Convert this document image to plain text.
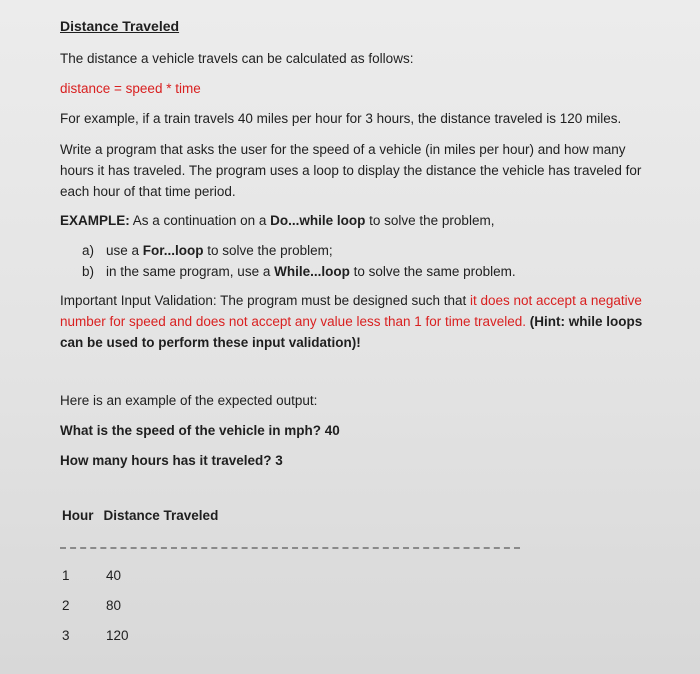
Distance Traveled
The distance a vehicle travels can be calculated as follows:
distance = speed * time
For example, if a train travels 40 miles per hour for 3 hours, the distance traveled is 120 miles.
Write a program that asks the user for the speed of a vehicle (in miles per hour) and how many hours it has traveled. The program uses a loop to display the distance the vehicle has traveled for each hour of that time period.
EXAMPLE: As a continuation on a Do...while loop to solve the problem,
a) use a For...loop to solve the problem;
b) in the same program, use a While...loop to solve the same problem.
Important Input Validation: The program must be designed such that it does not accept a negative number for speed and does not accept any value less than 1 for time traveled. (Hint: while loops can be used to perform these input validation)!
Here is an example of the expected output:
What is the speed of the vehicle in mph? 40
How many hours has it traveled? 3
Hour Distance Traveled
1	40
2	80
3	120
